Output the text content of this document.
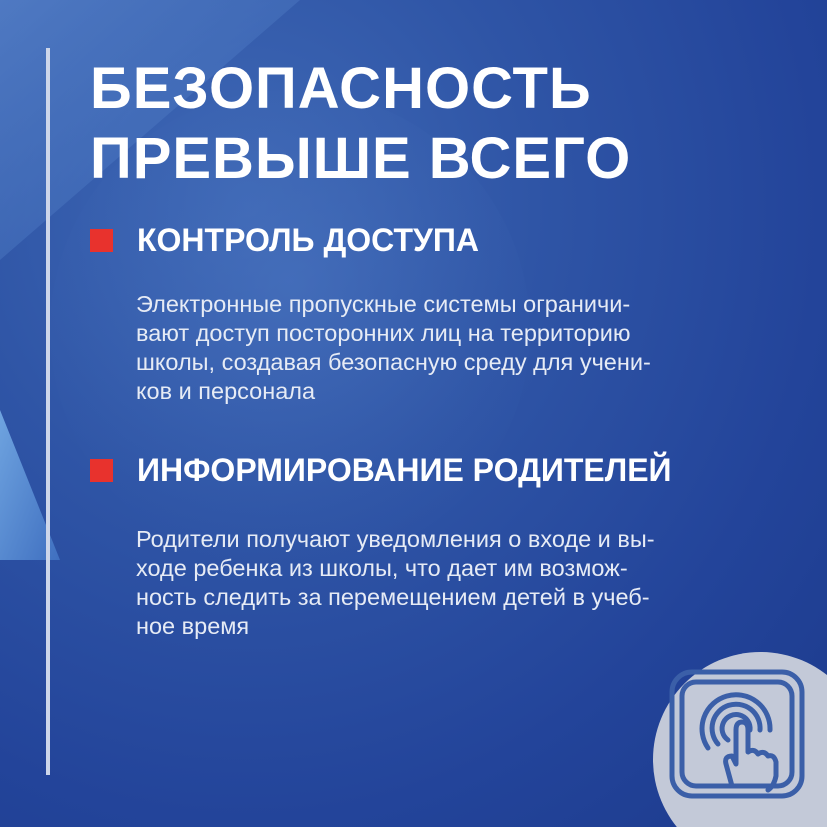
БЕЗОПАСНОСТЬ
ПРЕВЫШЕ ВСЕГО
КОНТРОЛЬ ДОСТУПА

Электронные пропускные системы ограничи-
вают доступ посторонних лиц на территорию
школы, создавая безопасную среду для учени-
ков и персонала

ИНФОРМИРОВАНИЕ РОДИТЕЛЕЙ

Родители получают уведомления о входе и вы-
ходе ребенка из школы, что дает им возмож-
ность следить за перемещением детей в учеб-
ное время
